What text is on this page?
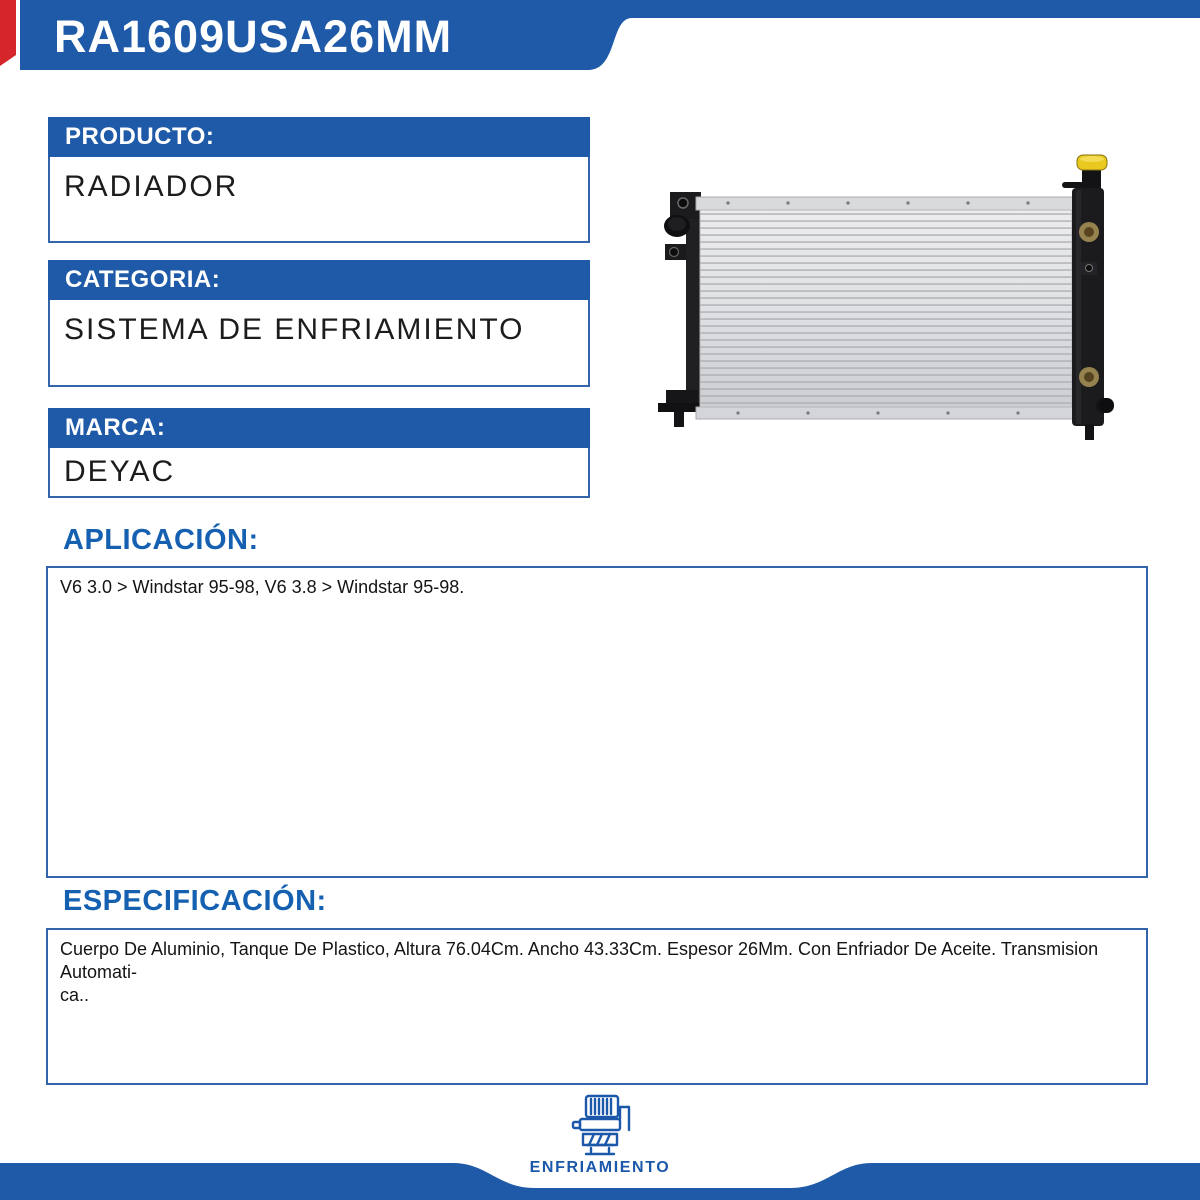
RA1609USA26MM
PRODUCTO:
RADIADOR
CATEGORIA:
SISTEMA DE ENFRIAMIENTO
MARCA:
DEYAC
APLICACIÓN:

V6 3.0 > Windstar 95-98, V6 3.8 > Windstar 95-98.

ESPECIFICACIÓN:

Cuerpo De Aluminio, Tanque De Plastico, Altura 76.04Cm. Ancho 43.33Cm. Espesor 26Mm. Con Enfriador De Aceite. Transmision Automati-

ca..

ENFRIAMIENTO
